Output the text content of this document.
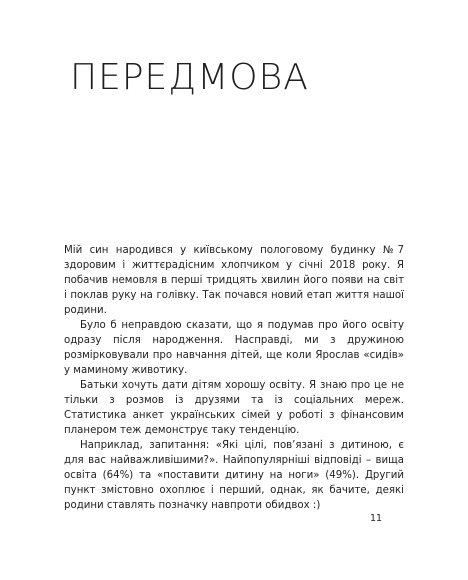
ПЕРЕДМОВА

Мій син народився у київському пологовому будинку №7 здоровим і життєрадісним хлопчиком у січні 2018 року. Я побачив немовля в перші тридцять хвилин його появи на світ і поклав руку на голівку. Так почався новий етап життя нашої родини.

Було б неправдою сказати, що я подумав про його освіту одразу після народження. Насправді, ми з дружиною розмірковували про навчання дітей, ще коли Ярослав «сидів» у маминому животику.

Батьки хочуть дати дітям хорошу освіту. Я знаю про це не тільки з розмов із друзями та із соціальних мереж. Статистика анкет українських сімей у роботі з фінансовим планером теж демонструє таку тенденцію.

Наприклад, запитання: «Які цілі, пов’язані з дитиною, є для вас найважливішими?». Найпопулярніші відповіді – вища освіта (64%) та «поставити дитину на ноги» (49%). Другий пункт змістовно охоплює і перший, однак, як бачите, деякі родини ставлять позначку навпроти обидвох :)

11
